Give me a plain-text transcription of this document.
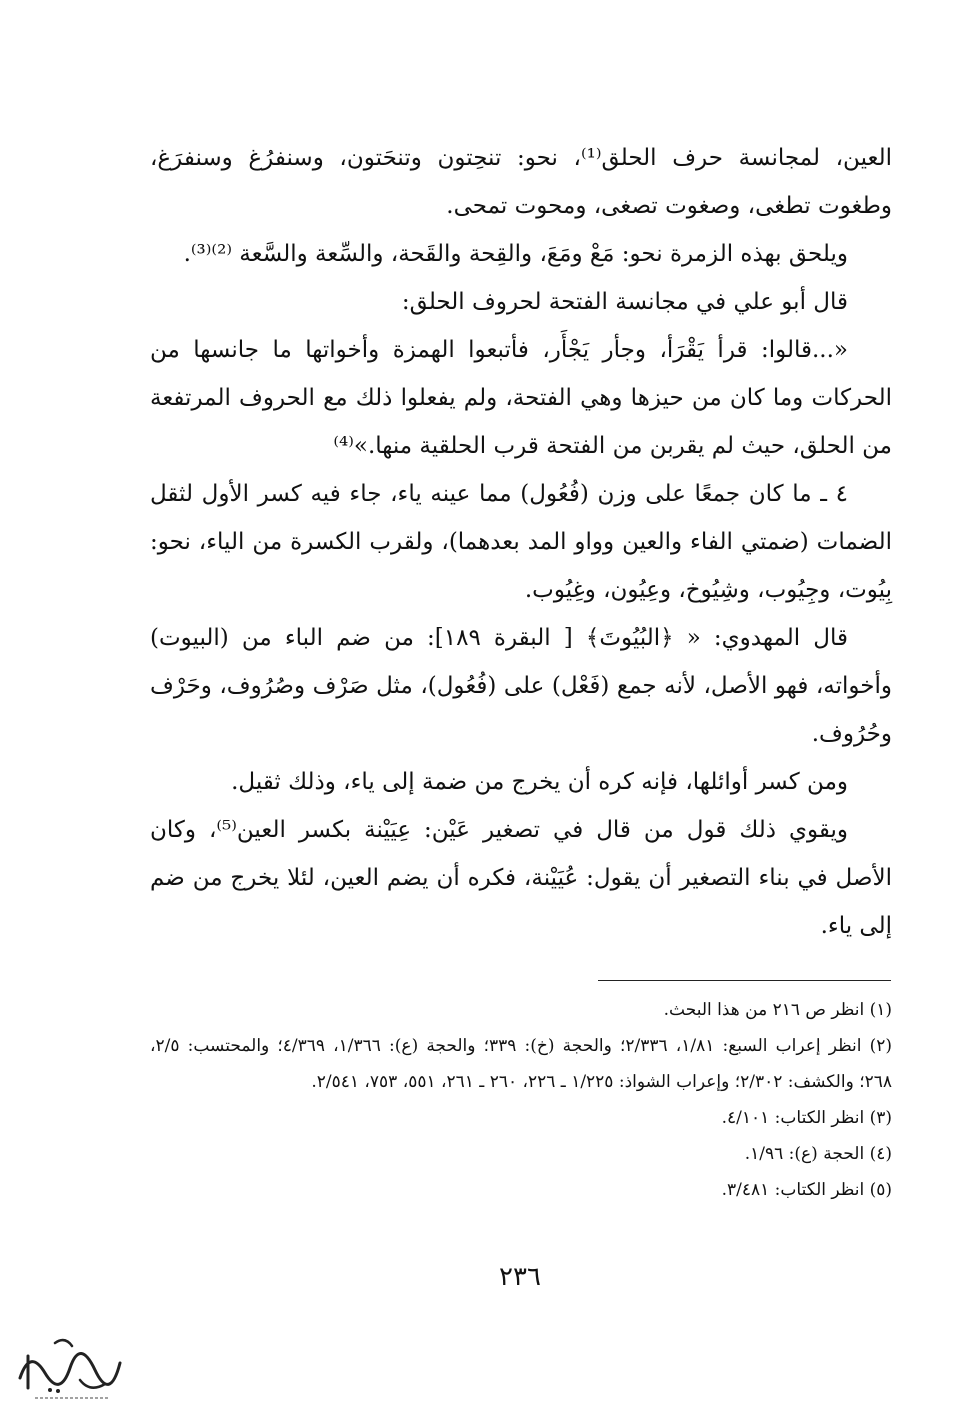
العين، لمجانسة حرف الحلق⁽¹⁾، نحو: تنحِتون وتنحَتون، وسنفرُغ وسنفرَغ، وطغوت تطغى، وصغوت تصغى، ومحوت تمحى.

ويلحق بهذه الزمرة نحو: مَعْ ومَعَ، والقِحة والقَحة، والسِّعة والسَّعة ⁽²⁾⁽³⁾.

قال أبو علي في مجانسة الفتحة لحروف الحلق:

«...قالوا: قرأ يَقْرَأ، وجأر يَجْأَر، فأتبعوا الهمزة وأخواتها ما جانسها من الحركات وما كان من حيزها وهي الفتحة، ولم يفعلوا ذلك مع الحروف المرتفعة من الحلق، حيث لم يقربن من الفتحة قرب الحلقية منها.»⁽⁴⁾

٤ ـ ما كان جمعًا على وزن (فُعُول) مما عينه ياء، جاء فيه كسر الأول لثقل الضمات (ضمتي الفاء والعين وواو المد بعدهما)، ولقرب الكسرة من الياء، نحو: بِيُوت، وجِيُوب، وشِيُوخ، وعِيُون، وغِيُوب.

قال المهدوي: « ﴿البُيُوتَ﴾ [ البقرة ١٨٩]: من ضم الباء من (البيوت) وأخواته، فهو الأصل، لأنه جمع (فَعْل) على (فُعُول)، مثل صَرْف وصُرُوف، وحَرْف وحُرُوف.

ومن كسر أوائلها، فإنه كره أن يخرج من ضمة إلى ياء، وذلك ثقيل.

ويقوي ذلك قول من قال في تصغير عَيْن: عِيَيْنة بكسر العين⁽⁵⁾، وكان الأصل في بناء التصغير أن يقول: عُيَيْنة، فكره أن يضم العين، لئلا يخرج من ضم إلى ياء.

(١) انظر ص ٢١٦ من هذا البحث.

(٢) انظر إعراب السبع: ١/٨١، ٢/٣٣٦؛ والحجة (خ): ٣٣٩؛ والحجة (ع): ١/٣٦٦، ٤/٣٦٩؛ والمحتسب: ٢/٥، ٢٦٨؛ والكشف: ٢/٣٠٢؛ وإعراب الشواذ: ١/٢٢٥ ـ ٢٢٦، ٢٦٠ ـ ٢٦١، ٥٥١، ٧٥٣، ٢/٥٤١.

(٣) انظر الكتاب: ٤/١٠١.

(٤) الحجة (ع): ١/٩٦.

(٥) انظر الكتاب: ٣/٤٨١.

٢٣٦
